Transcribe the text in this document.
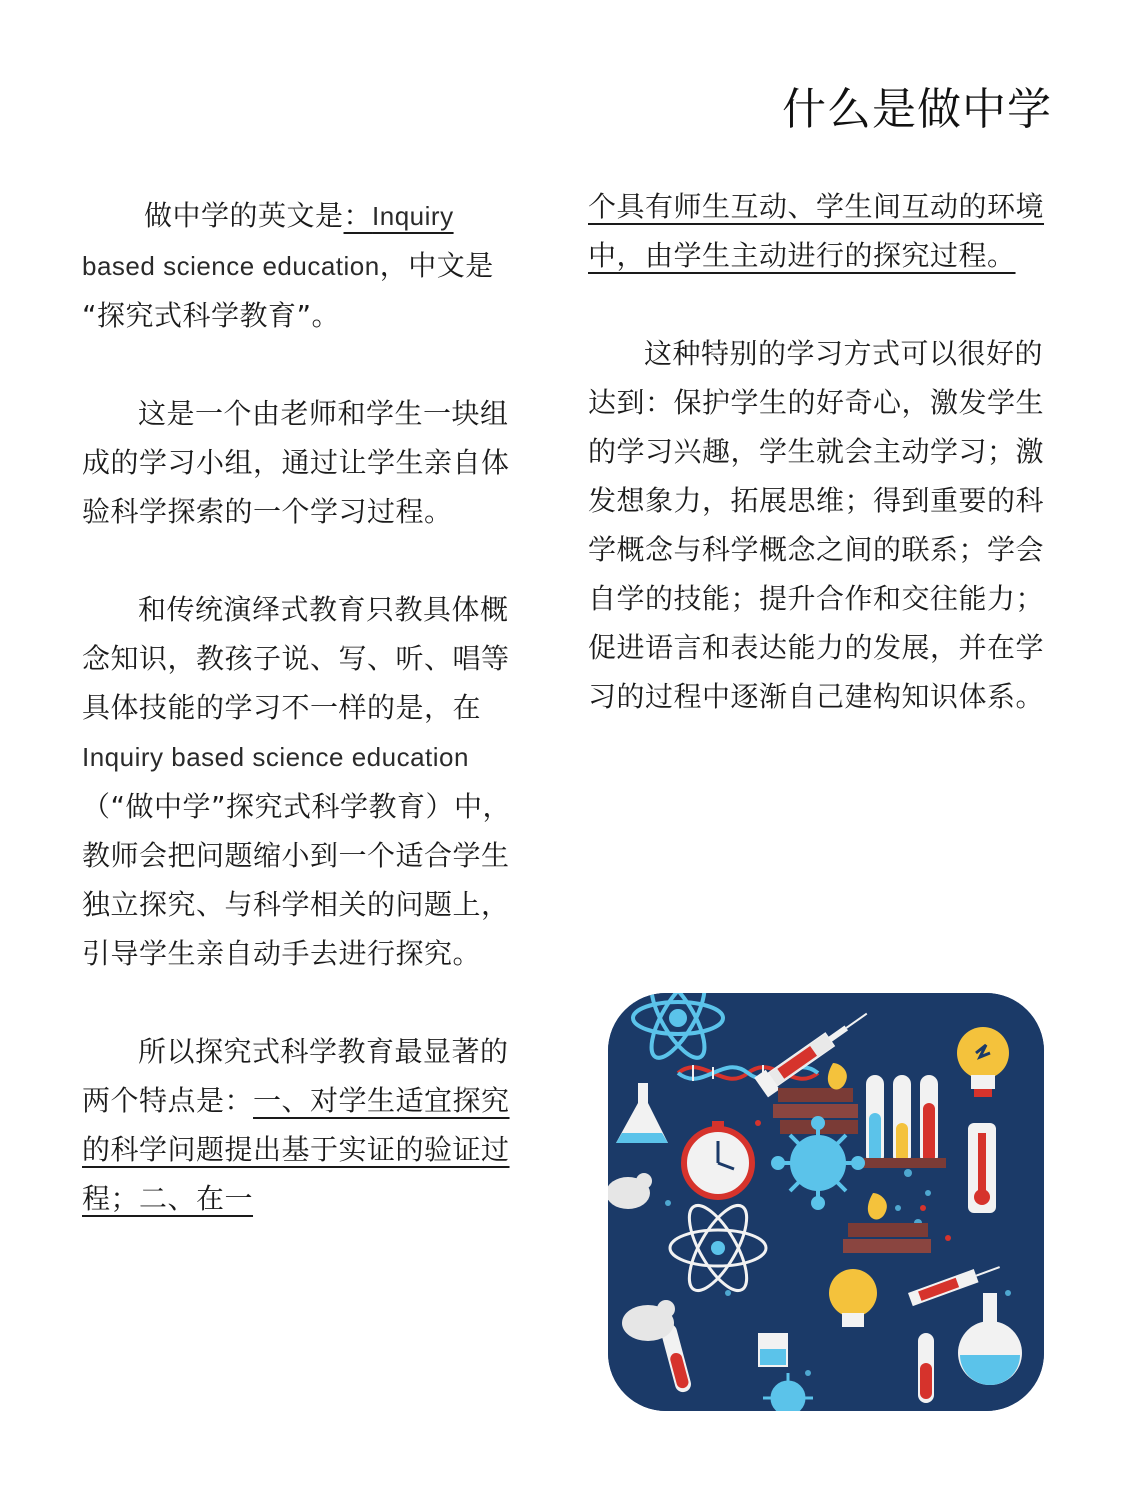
什么是做中学

做中学的英文是：Inquiry
based science education，中文是
“探究式科学教育”。

这是一个由老师和学生一块组成的学习小组，通过让学生亲自体验科学探索的一个学习过程。

和传统演绎式教育只教具体概念知识，教孩子说、写、听、唱等具体技能的学习不一样的是，在
Inquiry based science education
（“做中学”探究式科学教育）中，教师会把问题缩小到一个适合学生独立探究、与科学相关的问题上，引导学生亲自动手去进行探究。

所以探究式科学教育最显著的两个特点是：一、对学生适宜探究的科学问题提出基于实证的验证过程；二、在一

个具有师生互动、学生间互动的环境中，由学生主动进行的探究过程。

这种特别的学习方式可以很好的达到：保护学生的好奇心，激发学生的学习兴趣，学生就会主动学习；激发想象力，拓展思维；得到重要的科学概念与科学概念之间的联系；学会自学的技能；提升合作和交往能力；促进语言和表达能力的发展，并在学习的过程中逐渐自己建构知识体系。
